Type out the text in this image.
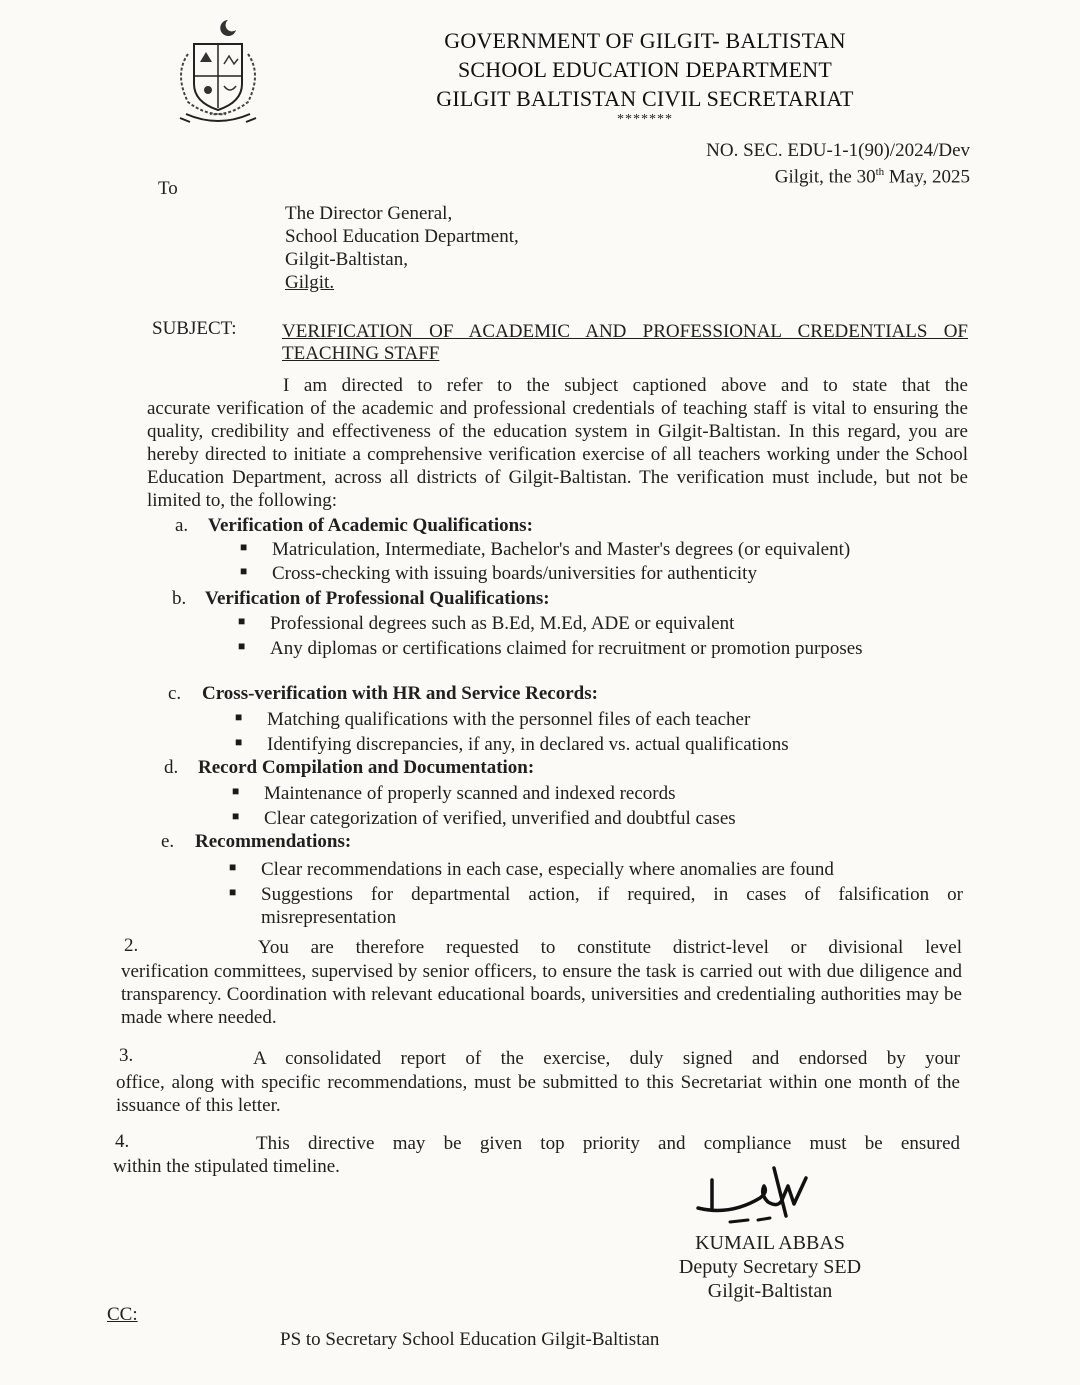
GOVERNMENT OF GILGIT- BALTISTAN
SCHOOL EDUCATION DEPARTMENT
GILGIT BALTISTAN CIVIL SECRETARIAT
*******
NO. SEC. EDU-1-1(90)/2024/Dev
Gilgit, the 30th May, 2025
To
The Director General,
School Education Department,
Gilgit-Baltistan,
Gilgit.
SUBJECT: VERIFICATION OF ACADEMIC AND PROFESSIONAL CREDENTIALS OF
TEACHING STAFF
I am directed to refer to the subject captioned above and to state that the
accurate verification of the academic and professional credentials of teaching staff is vital to ensuring the quality, credibility and effectiveness of the education system in Gilgit-Baltistan. In this regard, you are hereby directed to initiate a comprehensive verification exercise of all teachers working under the School Education Department, across all districts of Gilgit-Baltistan. The verification must include, but not be limited to, the following:
a. Verification of Academic Qualifications:
■ Matriculation, Intermediate, Bachelor's and Master's degrees (or equivalent)
■ Cross-checking with issuing boards/universities for authenticity
b. Verification of Professional Qualifications:
■ Professional degrees such as B.Ed, M.Ed, ADE or equivalent
■ Any diplomas or certifications claimed for recruitment or promotion purposes
c. Cross-verification with HR and Service Records:
■ Matching qualifications with the personnel files of each teacher
■ Identifying discrepancies, if any, in declared vs. actual qualifications
d. Record Compilation and Documentation:
■ Maintenance of properly scanned and indexed records
■ Clear categorization of verified, unverified and doubtful cases
e. Recommendations:
■ Clear recommendations in each case, especially where anomalies are found
■ Suggestions for departmental action, if required, in cases of falsification or misrepresentation
2.	You are therefore requested to constitute district-level or divisional level
verification committees, supervised by senior officers, to ensure the task is carried out with due diligence and transparency. Coordination with relevant educational boards, universities and credentialing authorities may be made where needed.
3.	A consolidated report of the exercise, duly signed and endorsed by your
office, along with specific recommendations, must be submitted to this Secretariat within one month of the issuance of this letter.
4.	This directive may be given top priority and compliance must be ensured
within the stipulated timeline.
KUMAIL ABBAS
Deputy Secretary SED
Gilgit-Baltistan
CC:
PS to Secretary School Education Gilgit-Baltistan
